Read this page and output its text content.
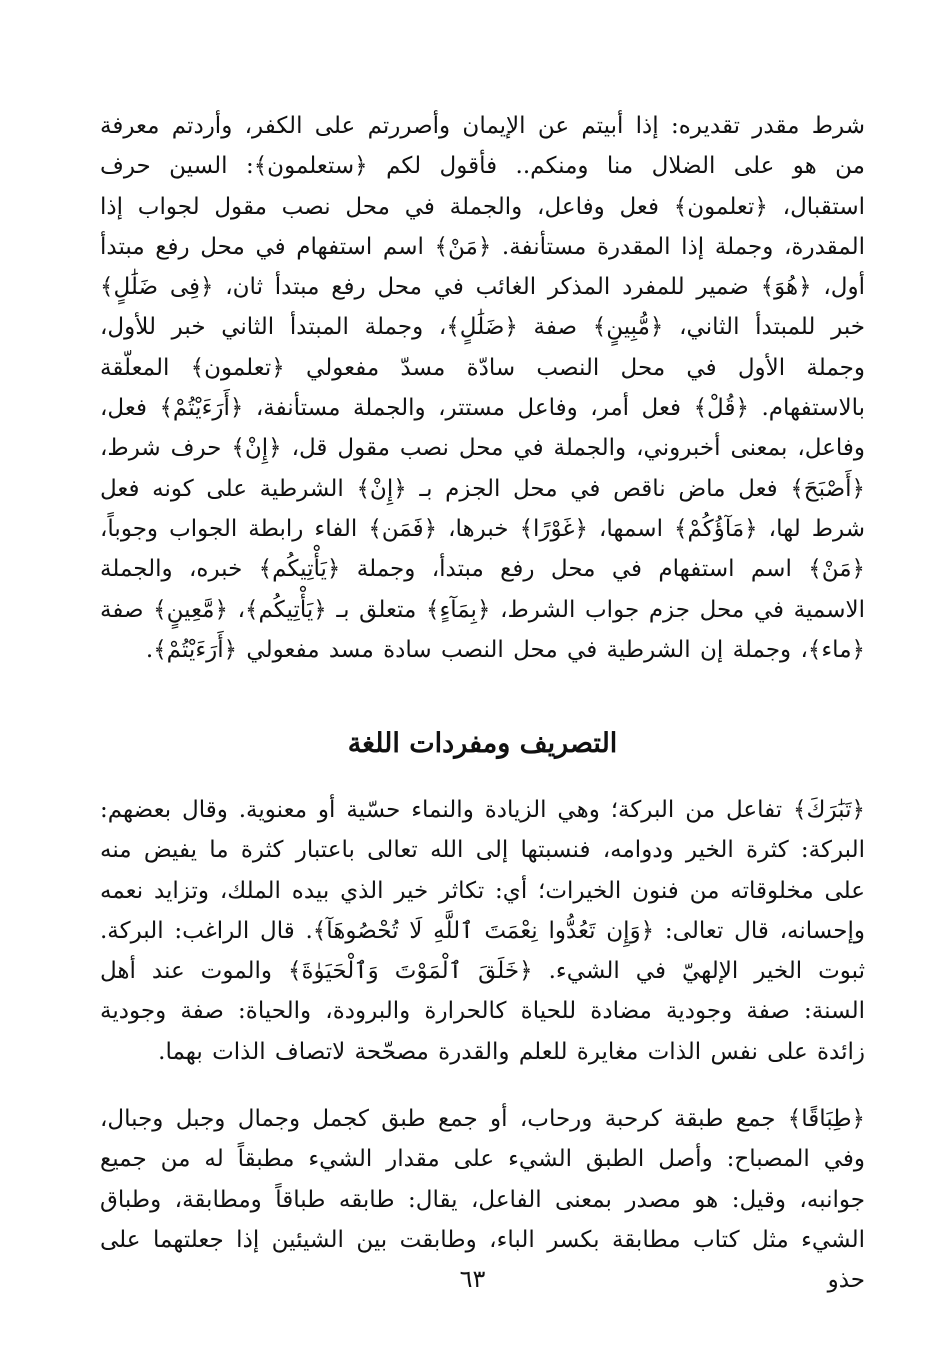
شرط مقدر تقديره: إذا أبيتم عن الإيمان وأصررتم على الكفر، وأردتم معرفة من هو على الضلال منا ومنكم.. فأقول لكم ﴿ستعلمون﴾: السين حرف استقبال، ﴿تعلمون﴾ فعل وفاعل، والجملة في محل نصب مقول لجواب إذا المقدرة، وجملة إذا المقدرة مستأنفة. ﴿مَنْ﴾ اسم استفهام في محل رفع مبتدأ أول، ﴿هُوَ﴾ ضمير للمفرد المذكر الغائب في محل رفع مبتدأ ثان، ﴿فِى ضَلَٰلٍ﴾ خبر للمبتدأ الثاني، ﴿مُّبِينٍ﴾ صفة ﴿ضَلَٰلٍ﴾، وجملة المبتدأ الثاني خبر للأول، وجملة الأول في محل النصب سادّة مسدّ مفعولي ﴿تعلمون﴾ المعلّقة بالاستفهام. ﴿قُلْ﴾ فعل أمر، وفاعل مستتر، والجملة مستأنفة، ﴿أَرَءَيْتُمْ﴾ فعل، وفاعل، بمعنى أخبروني، والجملة في محل نصب مقول قل، ﴿إِنْ﴾ حرف شرط، ﴿أَصْبَحَ﴾ فعل ماض ناقص في محل الجزم بـ ﴿إِنْ﴾ الشرطية على كونه فعل شرط لها، ﴿مَآؤُكُمْ﴾ اسمها، ﴿غَوْرًا﴾ خبرها، ﴿فَمَن﴾ الفاء رابطة الجواب وجوباً، ﴿مَنْ﴾ اسم استفهام في محل رفع مبتدأ، وجملة ﴿يَأْتِيكُم﴾ خبره، والجملة الاسمية في محل جزم جواب الشرط، ﴿بِمَآءٍ﴾ متعلق بـ ﴿يَأْتِيكُم﴾، ﴿مَّعِينٍ﴾ صفة ﴿ماء﴾، وجملة إن الشرطية في محل النصب سادة مسد مفعولي ﴿أَرَءَيْتُمْ﴾.

التصريف ومفردات اللغة

﴿تَبَٰرَكَ﴾ تفاعل من البركة؛ وهي الزيادة والنماء حسّية أو معنوية. وقال بعضهم: البركة: كثرة الخير ودوامه، فنسبتها إلى الله تعالى باعتبار كثرة ما يفيض منه على مخلوقاته من فنون الخيرات؛ أي: تكاثر خير الذي بيده الملك، وتزايد نعمه وإحسانه، قال تعالى: ﴿وَإِن تَعُدُّوا نِعْمَتَ ٱللَّهِ لَا تُحْصُوهَآ﴾. قال الراغب: البركة. ثبوت الخير الإلهيّ في الشيء. ﴿خَلَقَ ٱلْمَوْتَ وَٱلْحَيَوٰةَ﴾ والموت عند أهل السنة: صفة وجودية مضادة للحياة كالحرارة والبرودة، والحياة: صفة وجودية زائدة على نفس الذات مغايرة للعلم والقدرة مصحّحة لاتصاف الذات بهما.

﴿طِبَاقًا﴾ جمع طبقة كرحبة ورحاب، أو جمع طبق كجمل وجمال وجبل وجبال، وفي المصباح: وأصل الطبق الشيء على مقدار الشيء مطبقاً له من جميع جوانبه، وقيل: هو مصدر بمعنى الفاعل، يقال: طابقه طباقاً ومطابقة، وطباق الشيء مثل كتاب مطابقة بكسر الباء، وطابقت بين الشيئين إذا جعلتهما على حذو

٦٣
